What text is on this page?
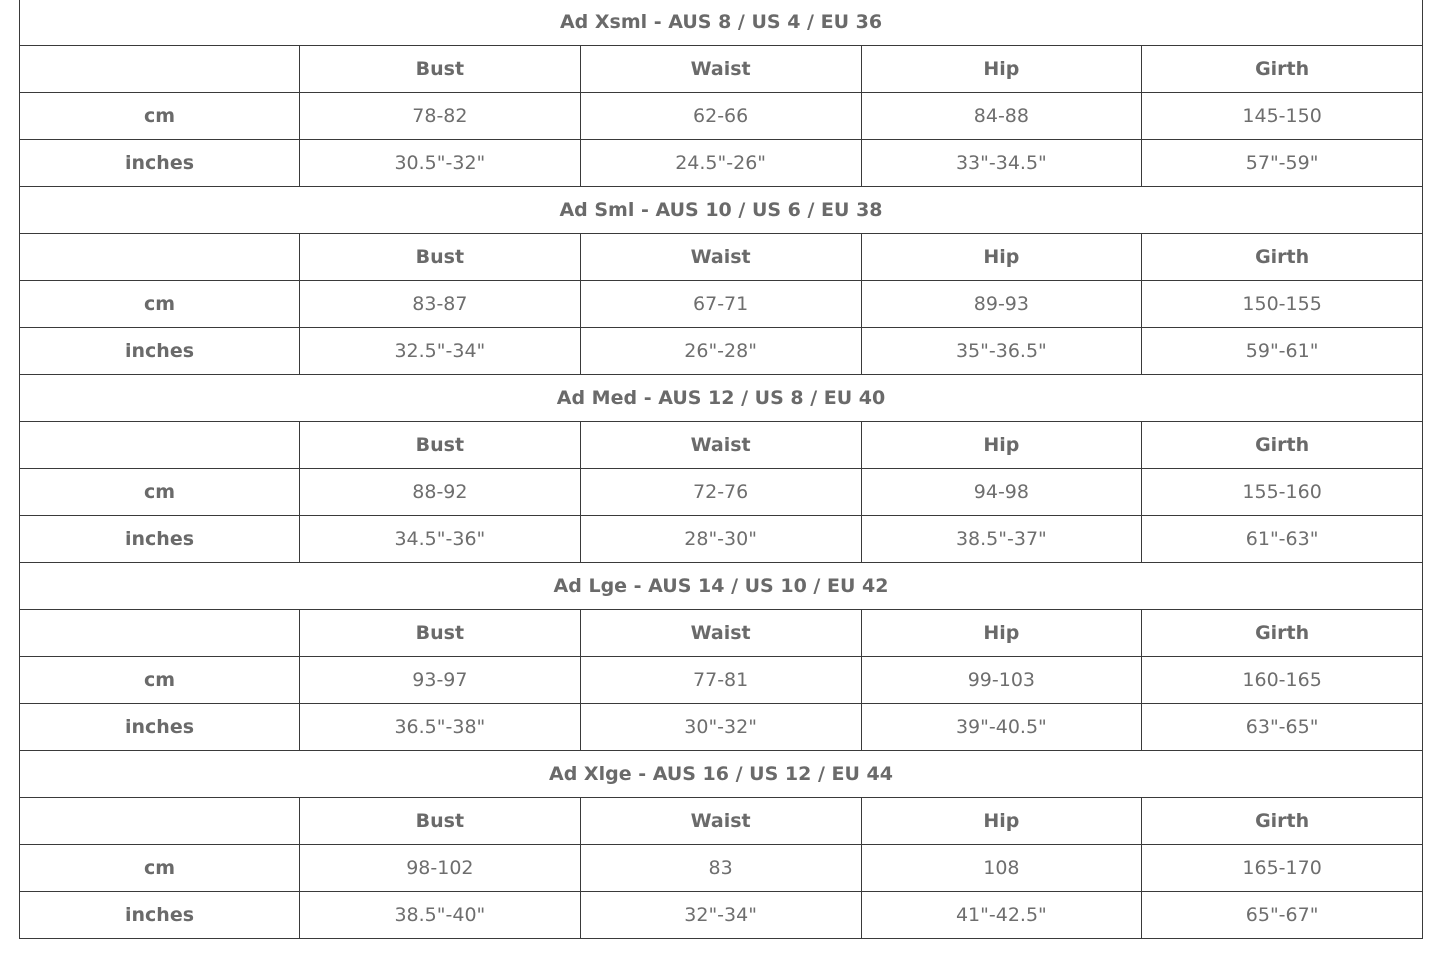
Ad Xsml - AUS 8 / US 4 / EU 36				
	Bust	Waist	Hip	Girth
cm	78-82	62-66	84-88	145-150
inches	30.5"-32"	24.5"-26"	33"-34.5"	57"-59"
Ad Sml - AUS 10 / US 6 / EU 38				
	Bust	Waist	Hip	Girth
cm	83-87	67-71	89-93	150-155
inches	32.5"-34"	26"-28"	35"-36.5"	59"-61"
Ad Med - AUS 12 / US 8 / EU 40				
	Bust	Waist	Hip	Girth
cm	88-92	72-76	94-98	155-160
inches	34.5"-36"	28"-30"	38.5"-37"	61"-63"
Ad Lge - AUS 14 / US 10 / EU 42				
	Bust	Waist	Hip	Girth
cm	93-97	77-81	99-103	160-165
inches	36.5"-38"	30"-32"	39"-40.5"	63"-65"
Ad Xlge - AUS 16 / US 12 / EU 44				
	Bust	Waist	Hip	Girth
cm	98-102	83	108	165-170
inches	38.5"-40"	32"-34"	41"-42.5"	65"-67"
